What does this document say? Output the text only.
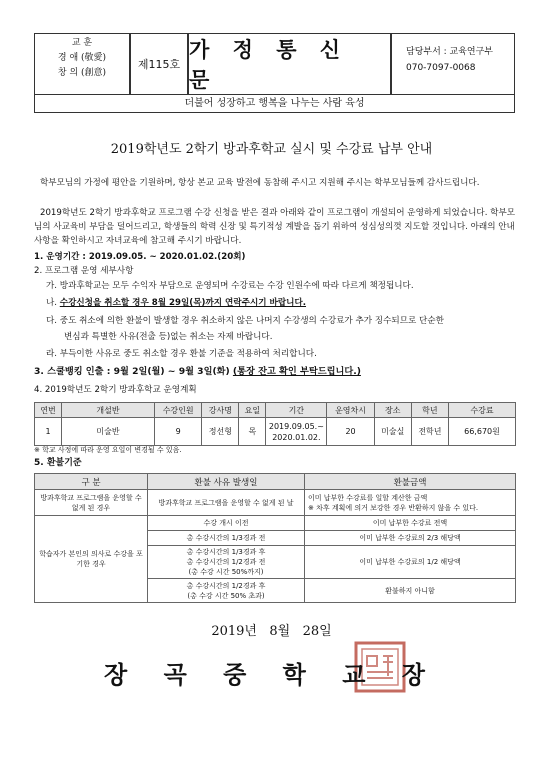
교 훈
경 애 (敬愛)
창 의 (創意)
제115호
가 정 통 신 문
담당부서 : 교육연구부
070-7097-0068
더불어 성장하고 행복을 나누는 사람 육성
2019학년도 2학기 방과후학교 실시 및 수강료 납부 안내
학부모님의 가정에 평안을 기원하며, 항상 본교 교육 발전에 동참해 주시고 지원해 주시는 학부모님들께 감사드립니다.
2019학년도 2학기 방과후학교 프로그램 수강 신청을 받은 결과 아래와 같이 프로그램이 개설되어 운영하게 되었습니다. 학부모님의 사교육비 부담을 덜어드리고, 학생들의 학력 신장 및 특기적성 계발을 돕기 위하여 성심성의껏 지도할 것입니다. 아래의 안내 사항을 확인하시고 자녀교육에 참고해 주시기 바랍니다.
1. 운영기간 : 2019.09.05. ~ 2020.01.02.(20회)
2. 프로그램 운영 세부사항
가. 방과후학교는 모두 수익자 부담으로 운영되며 수강료는 수강 인원수에 따라 다르게 책정됩니다.
나. 수강신청을 취소할 경우 8월 29일(목)까지 연락주시기 바랍니다.
다. 중도 취소에 의한 환불이 발생할 경우 취소하지 않은 나머지 수강생의 수강료가 추가 징수되므로 단순한
변심과 특별한 사유(전출 등)없는 취소는 자제 바랍니다.
라. 부득이한 사유로 중도 취소할 경우 환불 기준을 적용하여 처리합니다.
3. 스쿨뱅킹 인출 : 9월 2일(월) ~ 9월 3일(화) (통장 잔고 확인 부탁드립니다.)
4. 2019학년도 2학기 방과후학교 운영계획
연번	개설반	수강인원	강사명	요일	기간	운영차시	장소	학년	수강료
1	미술반	9	정선형	목	2019.09.05.~
2020.01.02.	20	미술실	전학년	66,670원
※ 학교 사정에 따라 운영 요일이 변경될 수 있음.
5. 환불기준
구 분	환불 사유 발생일	환불금액
방과후학교 프로그램을 운영할 수 없게 된 경우	방과후학교 프로그램을 운영할 수 없게 된 날	이미 납부한 수강료를 일할 계산한 금액
※ 차후 계획에 의거 보강한 경우 반환하지 않을 수 있다.
학습자가 본인의 의사로 수강을 포기한 경우	수강 개시 이전	이미 납부한 수강료 전액
	총 수강시간의 1/3경과 전	이미 납부한 수강료의 2/3 해당액
	총 수강시간의 1/3경과 후
총 수강시간의 1/2경과 전
(총 수강 시간 50%까지)	이미 납부한 수강료의 1/2 해당액
	총 수강시간의 1/2경과 후
(총 수강 시간 50% 초과)	환불하지 아니함
2019년   8월   28일
장 곡 중 학 교 장
